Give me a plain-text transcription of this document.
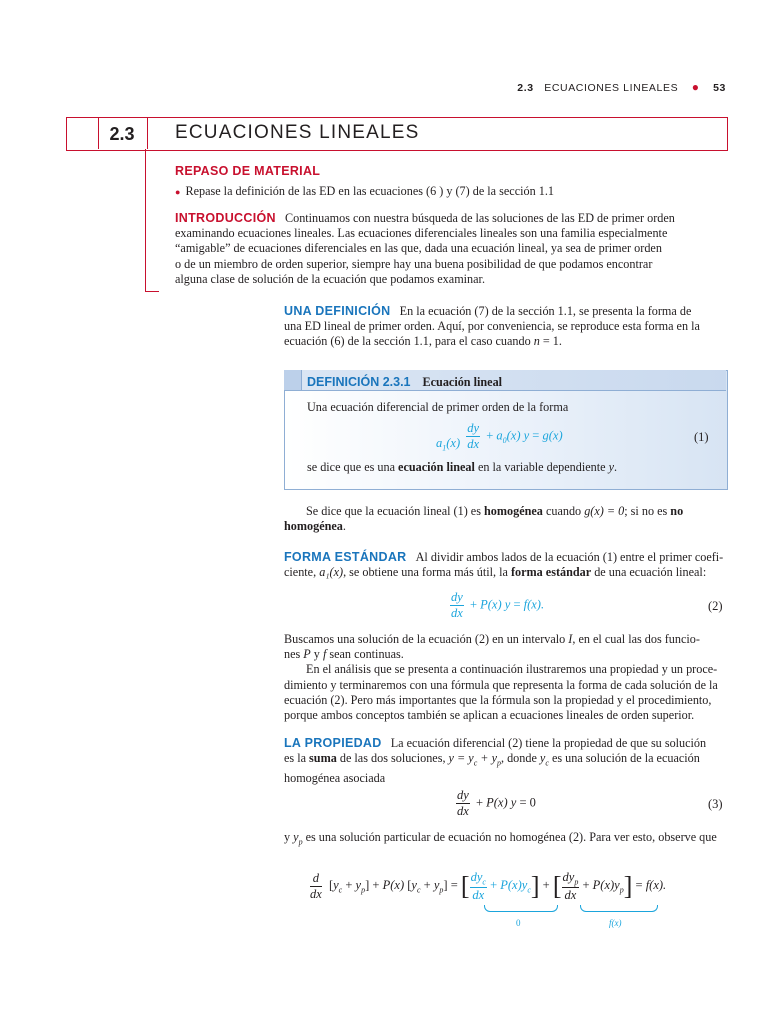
2.3 ECUACIONES LINEALES ● 53
2.3	ECUACIONES LINEALES
REPASO DE MATERIAL
● Repase la definición de las ED en las ecuaciones (6 ) y (7) de la sección 1.1
INTRODUCCIÓN Continuamos con nuestra búsqueda de las soluciones de las ED de primer orden
examinando ecuaciones lineales. Las ecuaciones diferenciales lineales son una familia especialmente
“amigable” de ecuaciones diferenciales en las que, dada una ecuación lineal, ya sea de primer orden
o de un miembro de orden superior, siempre hay una buena posibilidad de que podamos encontrar
alguna clase de solución de la ecuación que podamos examinar.
UNA DEFINICIÓN En la ecuación (7) de la sección 1.1, se presenta la forma de
una ED lineal de primer orden. Aquí, por conveniencia, se reproduce esta forma en la
ecuación (6) de la sección 1.1, para el caso cuando n = 1.
DEFINICIÓN 2.3.1 Ecuación lineal
Una ecuación diferencial de primer orden de la forma
$a_1(x) \frac{dy}{dx} + a_0(x) y = g(x)$	(1)
se dice que es una ecuación lineal en la variable dependiente y.
Se dice que la ecuación lineal (1) es homogénea cuando g(x) = 0; si no es no
homogénea.
FORMA ESTÁNDAR Al dividir ambos lados de la ecuación (1) entre el primer coefi-
ciente, a₁(x), se obtiene una forma más útil, la forma estándar de una ecuación lineal:
$\frac{dy}{dx} + P(x) y = f(x)$.	(2)
Buscamos una solución de la ecuación (2) en un intervalo I, en el cual las dos funcio-
nes P y f sean continuas.
En el análisis que se presenta a continuación ilustraremos una propiedad y un proce-
dimiento y terminaremos con una fórmula que representa la forma de cada solución de la
ecuación (2). Pero más importantes que la fórmula son la propiedad y el procedimiento,
porque ambos conceptos también se aplican a ecuaciones lineales de orden superior.
LA PROPIEDAD La ecuación diferencial (2) tiene la propiedad de que su solución
es la suma de las dos soluciones, $y = y_c + y_p$, donde $y_c$ es una solución de la ecuación
homogénea asociada
$\frac{dy}{dx} + P(x) y = 0$	(3)
y $y_p$ es una solución particular de ecuación no homogénea (2). Para ver esto, observe que
$\frac{d}{dx} [y_c + y_p] + P(x) [y_c + y_p]$ = [ $dy_c$
dx
+ $P(x)y_c$] + [ $dy_p$
dx
+ $P(x)y_p] = f(x)$.
0	f(x)
